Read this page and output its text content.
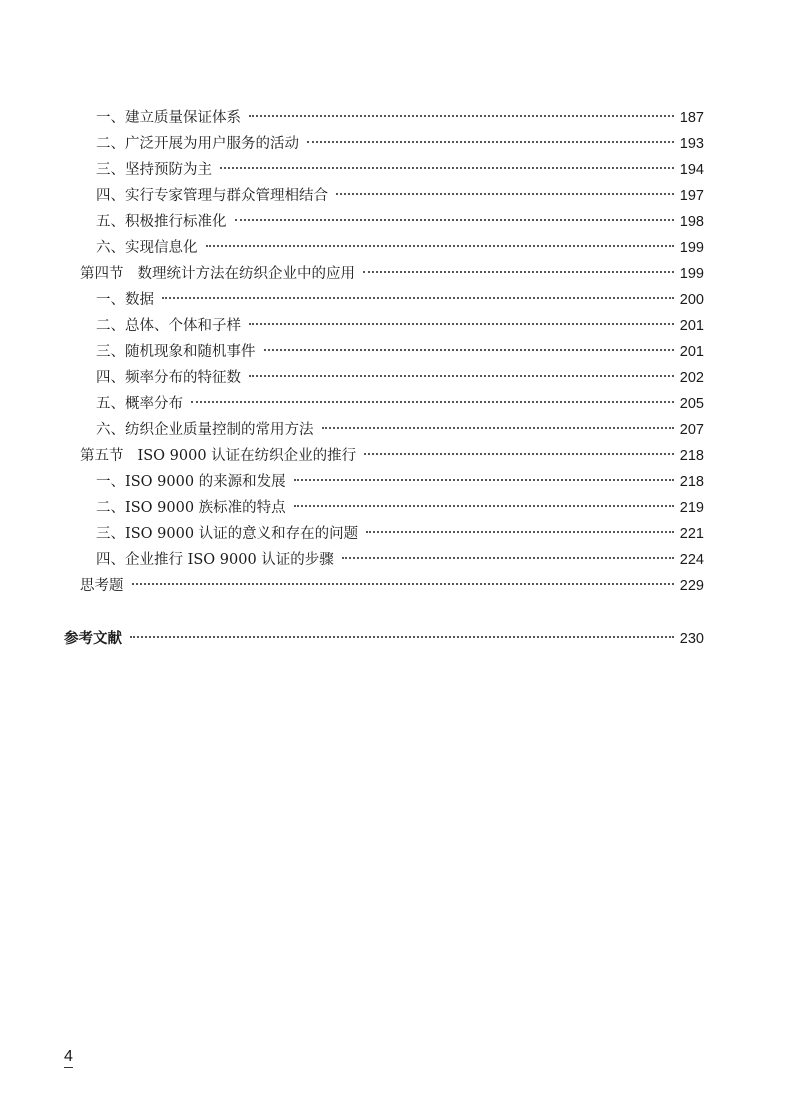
一、建立质量保证体系	187
二、广泛开展为用户服务的活动	193
三、坚持预防为主	194
四、实行专家管理与群众管理相结合	197
五、积极推行标准化	198
六、实现信息化	199
第四节 数理统计方法在纺织企业中的应用	199
一、数据	200
二、总体、个体和子样	201
三、随机现象和随机事件	201
四、频率分布的特征数	202
五、概率分布	205
六、纺织企业质量控制的常用方法	207
第五节 ISO 9000 认证在纺织企业的推行	218
一、ISO 9000 的来源和发展	218
二、ISO 9000 族标准的特点	219
三、ISO 9000 认证的意义和存在的问题	221
四、企业推行 ISO 9000 认证的步骤	224
思考题	229
参考文献	230
4
